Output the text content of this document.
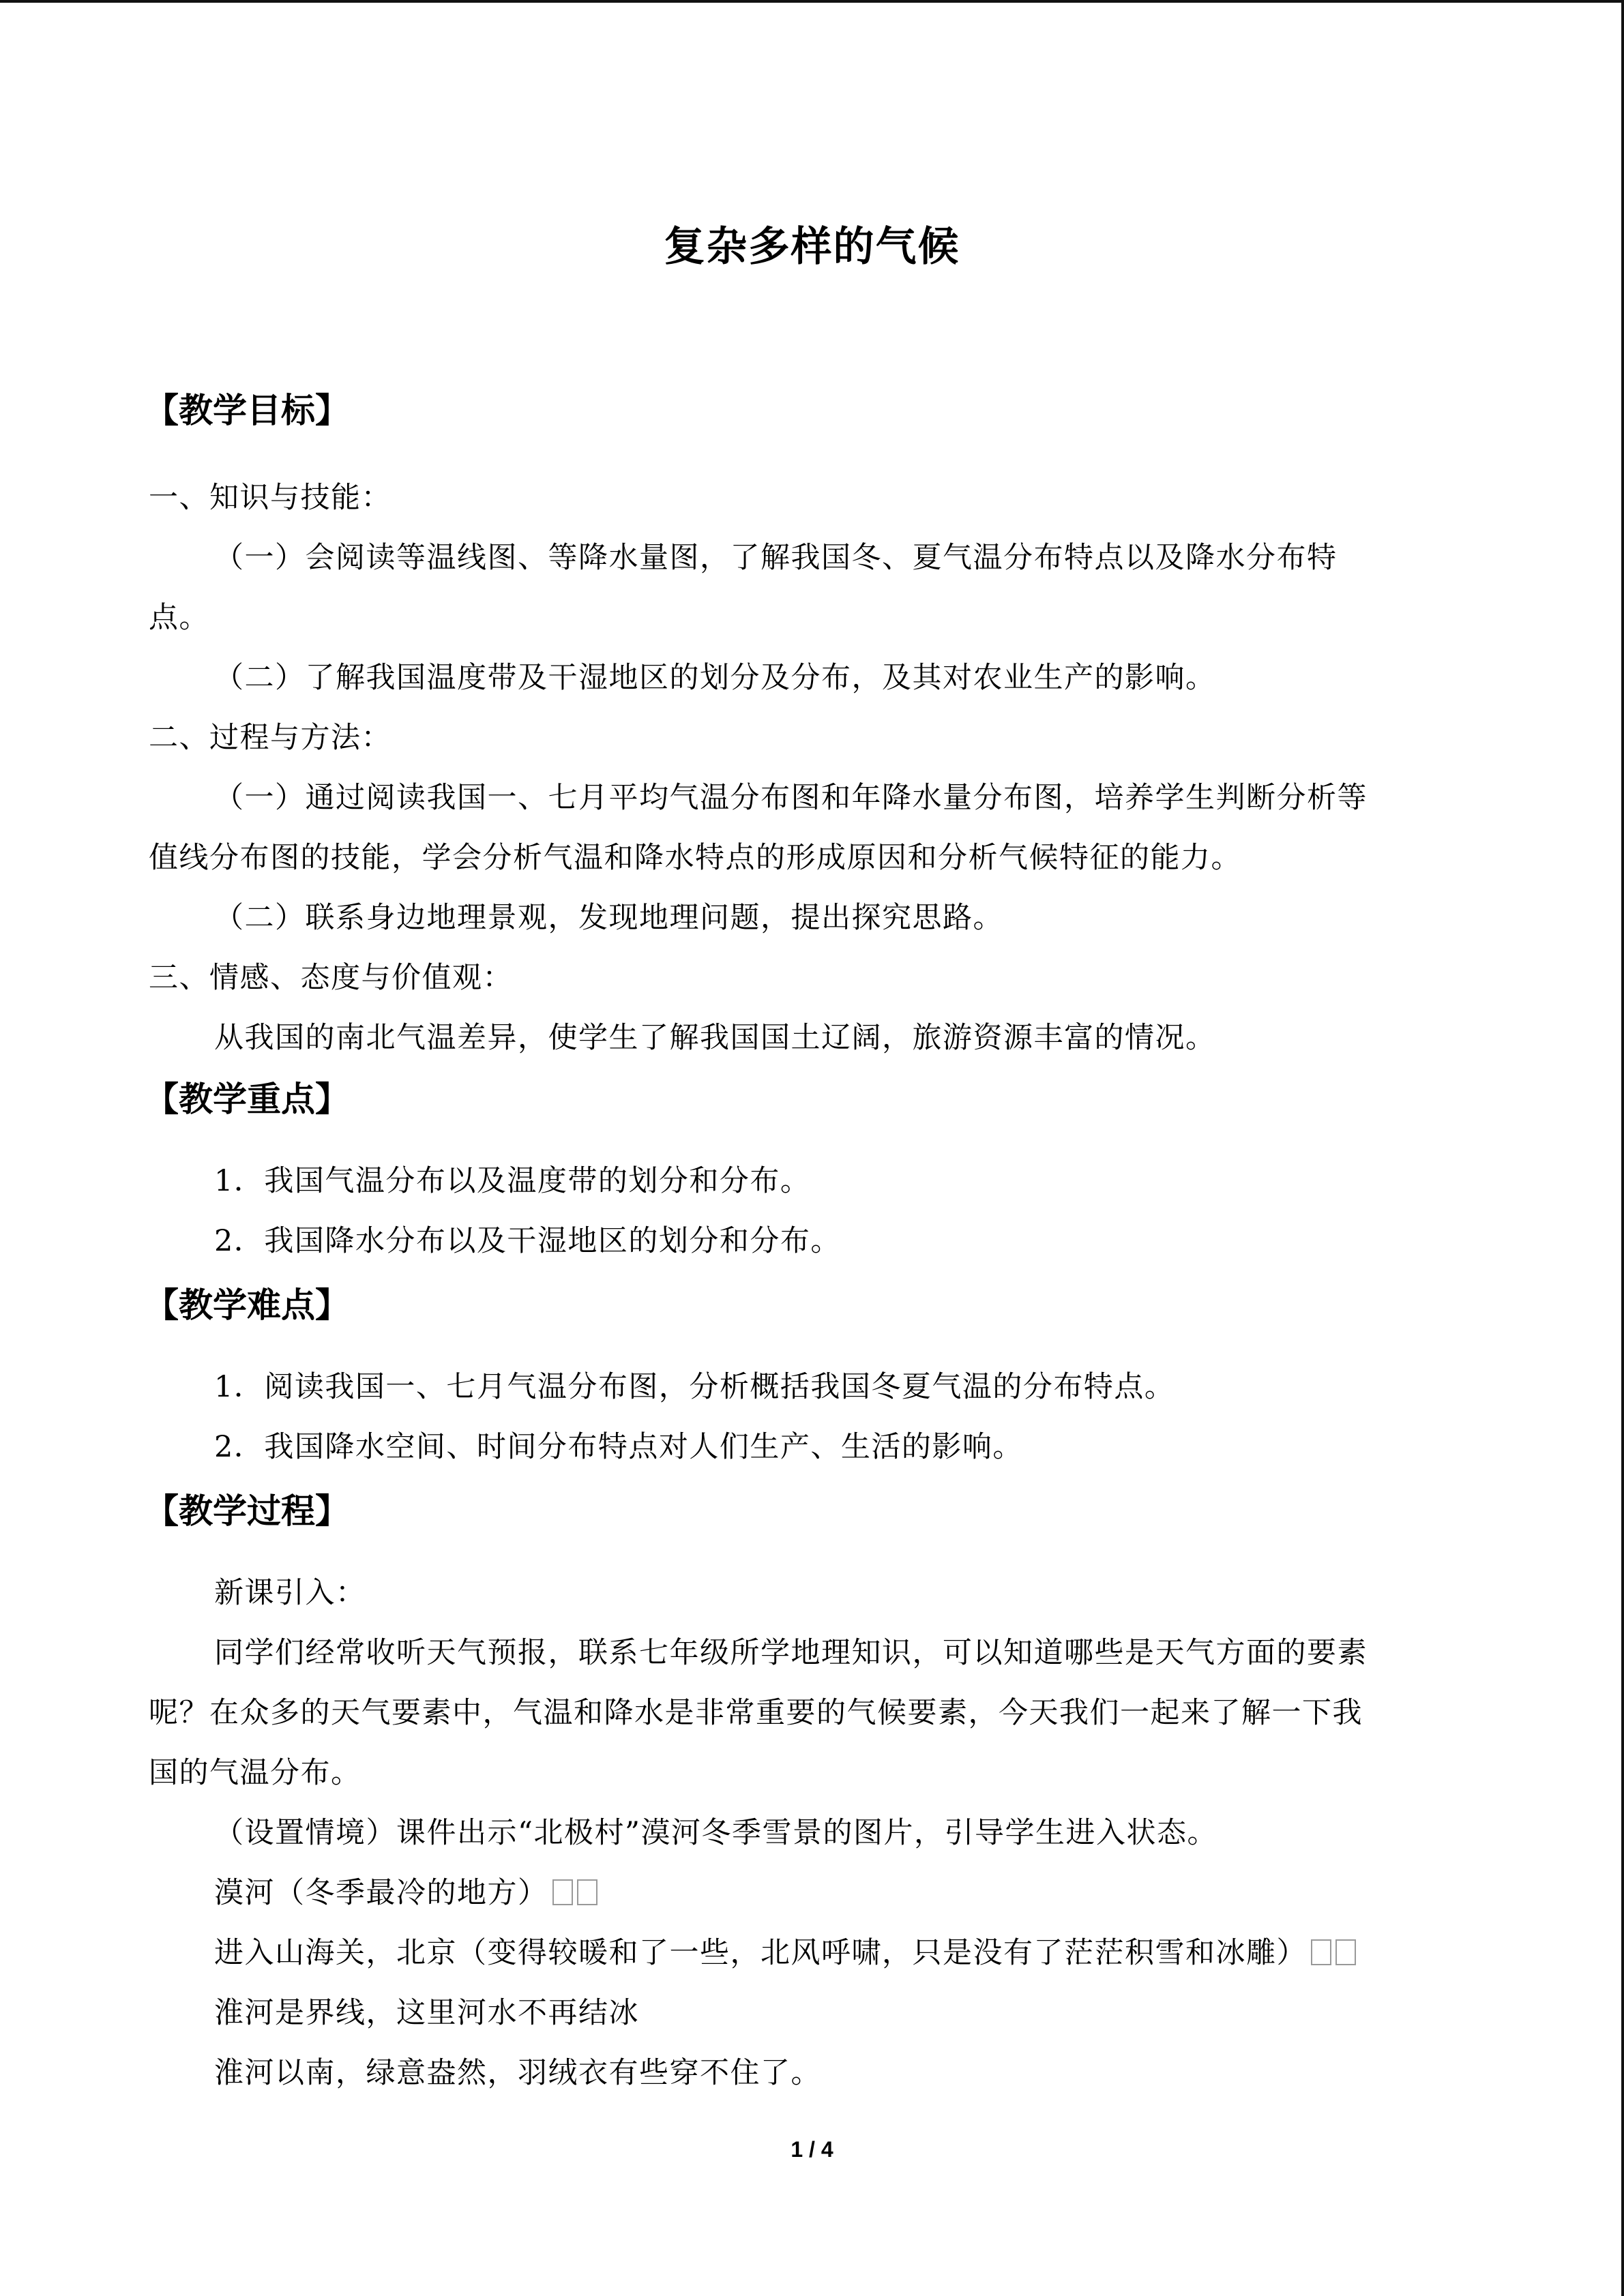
复杂多样的气候
【教学目标】
一、知识与技能：
（一）会阅读等温线图、等降水量图，了解我国冬、夏气温分布特点以及降水分布特
点。
（二）了解我国温度带及干湿地区的划分及分布，及其对农业生产的影响。
二、过程与方法：
（一）通过阅读我国一、七月平均气温分布图和年降水量分布图，培养学生判断分析等
值线分布图的技能，学会分析气温和降水特点的形成原因和分析气候特征的能力。
（二）联系身边地理景观，发现地理问题，提出探究思路。
三、情感、态度与价值观：
从我国的南北气温差异，使学生了解我国国土辽阔，旅游资源丰富的情况。
【教学重点】
1．我国气温分布以及温度带的划分和分布。
2．我国降水分布以及干湿地区的划分和分布。
【教学难点】
1．阅读我国一、七月气温分布图，分析概括我国冬夏气温的分布特点。
2．我国降水空间、时间分布特点对人们生产、生活的影响。
【教学过程】
新课引入：
同学们经常收听天气预报，联系七年级所学地理知识，可以知道哪些是天气方面的要素
呢？在众多的天气要素中，气温和降水是非常重要的气候要素，今天我们一起来了解一下我
国的气温分布。
（设置情境）课件出示“北极村”漠河冬季雪景的图片，引导学生进入状态。
漠河（冬季最冷的地方）
进入山海关，北京（变得较暖和了一些，北风呼啸，只是没有了茫茫积雪和冰雕）
淮河是界线，这里河水不再结冰
淮河以南，绿意盎然，羽绒衣有些穿不住了。
1 / 4
